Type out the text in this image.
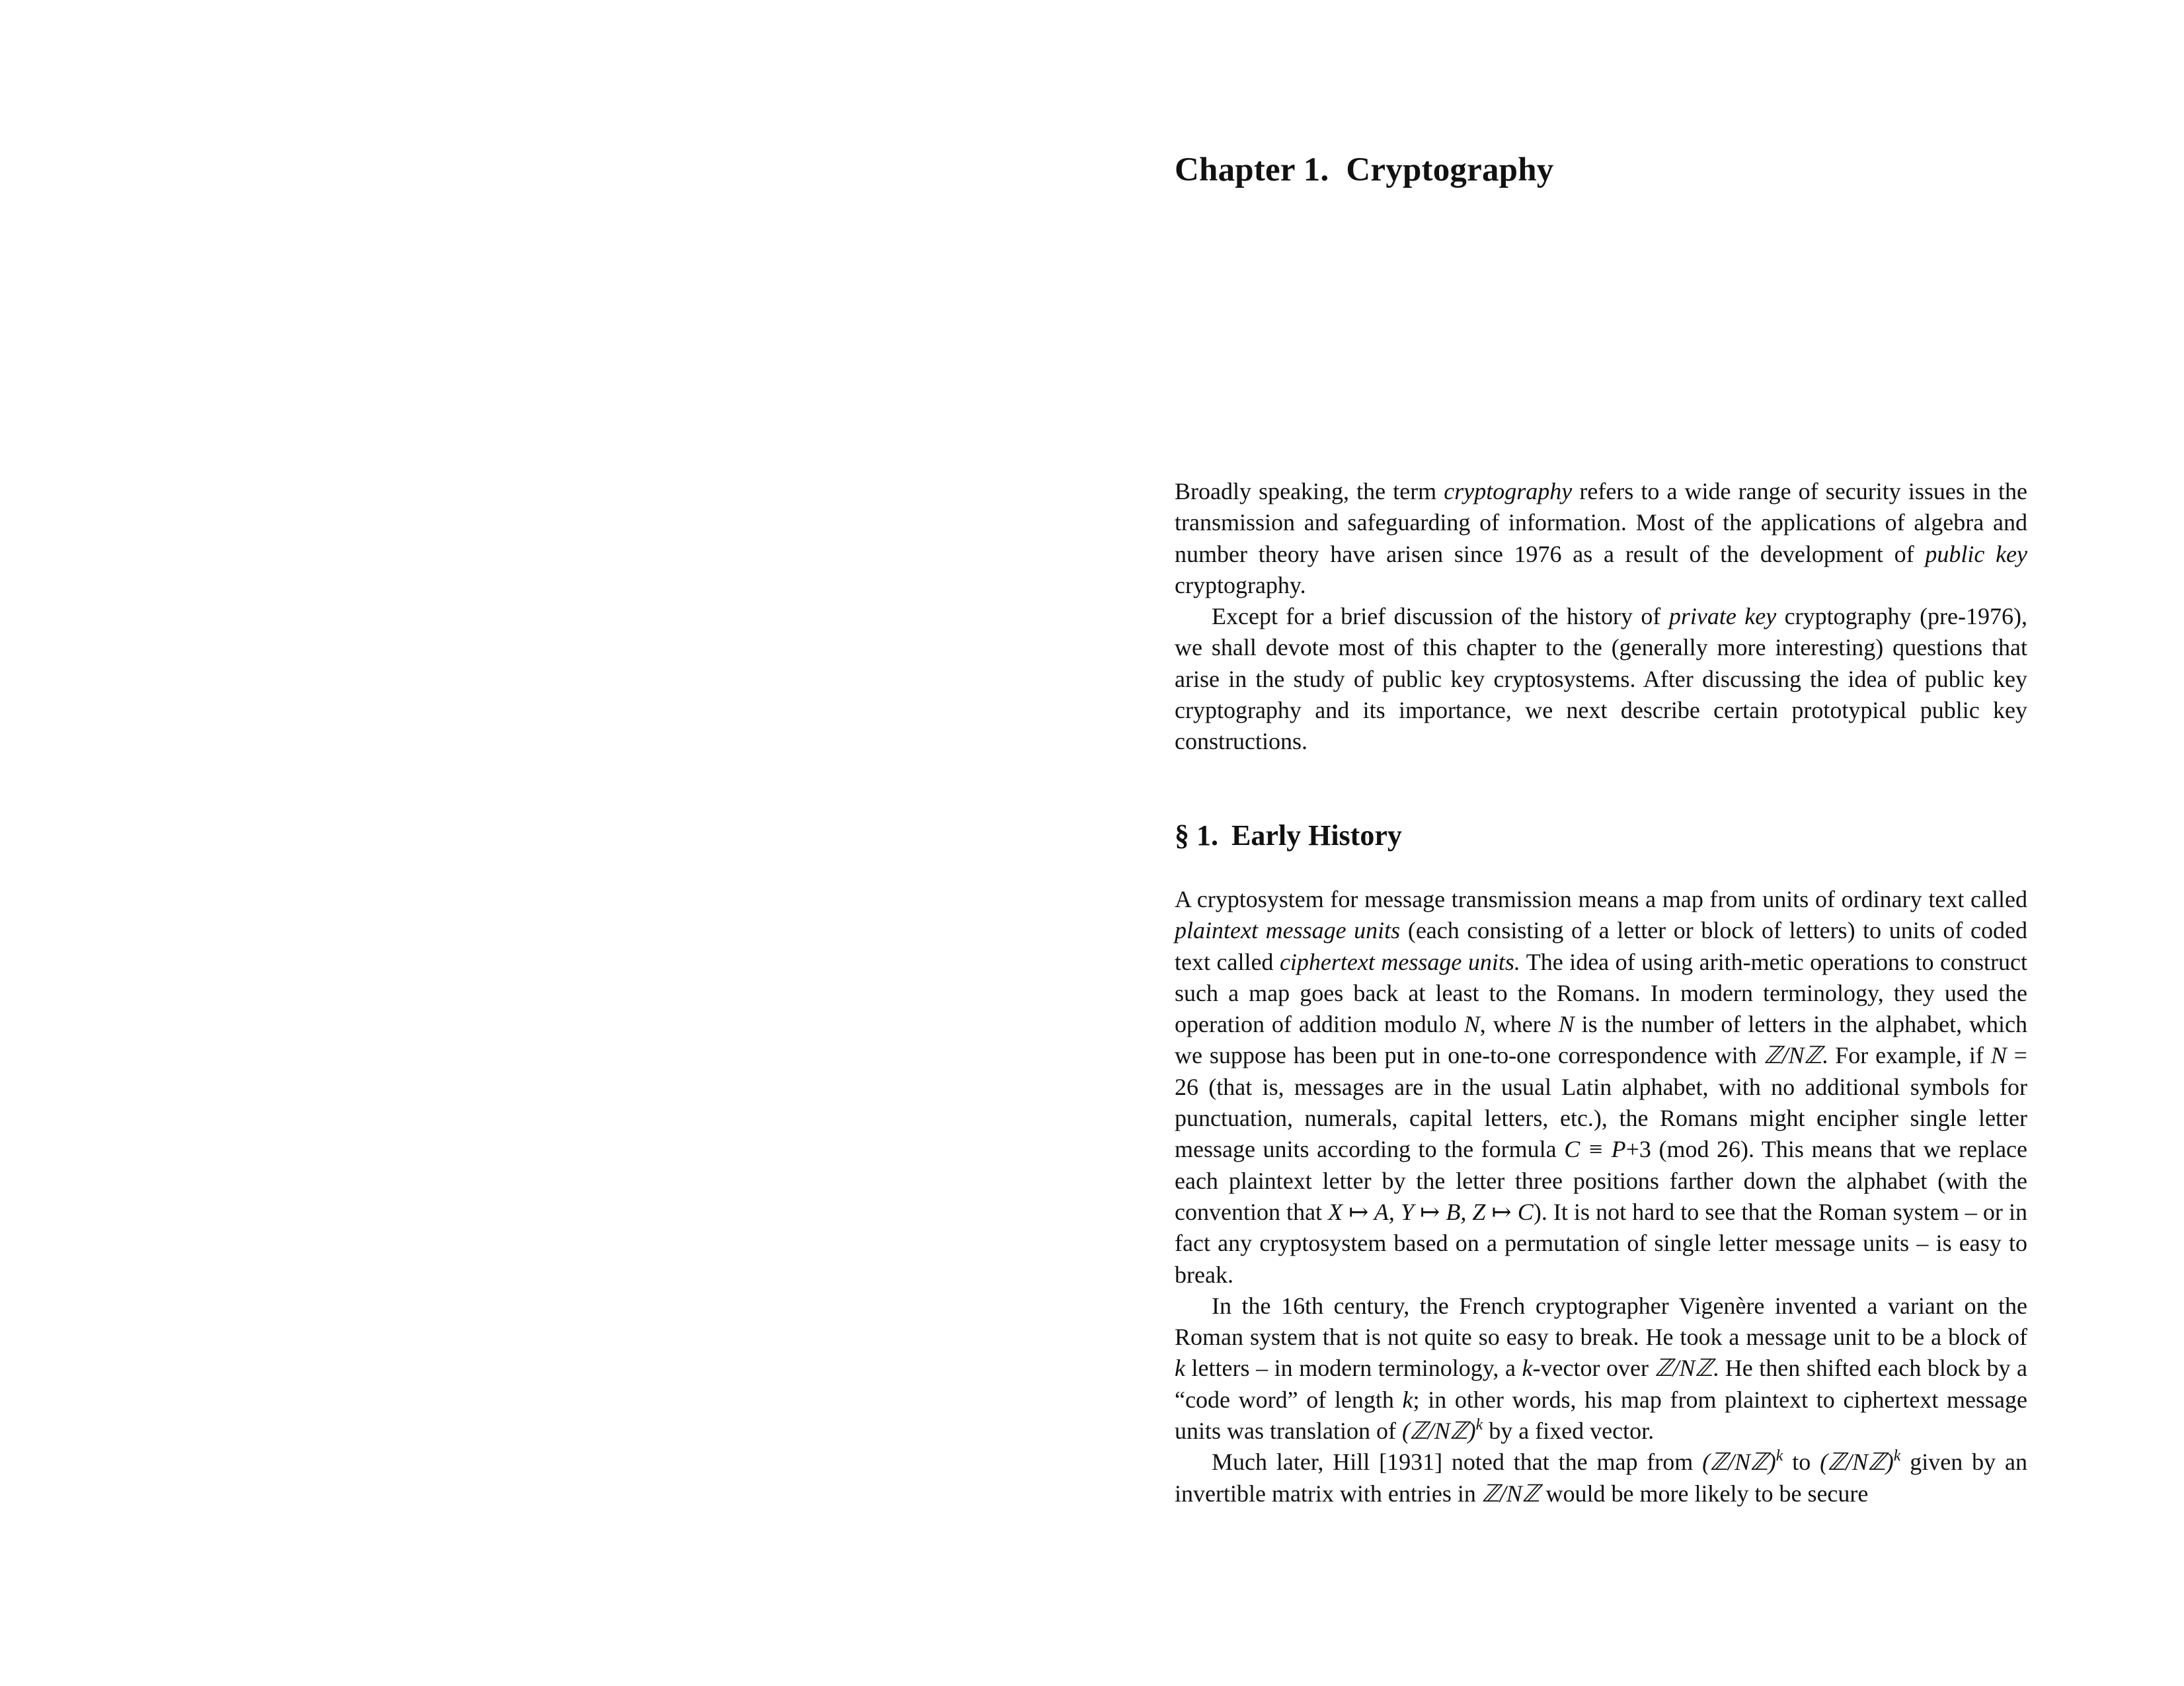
Chapter 1. Cryptography

Broadly speaking, the term cryptography refers to a wide range of security issues in the transmission and safeguarding of information. Most of the applications of algebra and number theory have arisen since 1976 as a result of the development of public key cryptography.

Except for a brief discussion of the history of private key cryptography (pre-1976), we shall devote most of this chapter to the (generally more interesting) questions that arise in the study of public key cryptosystems. After discussing the idea of public key cryptography and its importance, we next describe certain prototypical public key constructions.

§ 1. Early History

A cryptosystem for message transmission means a map from units of ordinary text called plaintext message units (each consisting of a letter or block of letters) to units of coded text called ciphertext message units. The idea of using arith-metic operations to construct such a map goes back at least to the Romans. In modern terminology, they used the operation of addition modulo N, where N is the number of letters in the alphabet, which we suppose has been put in one-to-one correspondence with ℤ/Nℤ. For example, if N = 26 (that is, messages are in the usual Latin alphabet, with no additional symbols for punctuation, numerals, capital letters, etc.), the Romans might encipher single letter message units according to the formula C ≡ P+3 (mod 26). This means that we replace each plaintext letter by the letter three positions farther down the alphabet (with the convention that X ↦ A, Y ↦ B, Z ↦ C). It is not hard to see that the Roman system – or in fact any cryptosystem based on a permutation of single letter message units – is easy to break.

In the 16th century, the French cryptographer Vigenère invented a variant on the Roman system that is not quite so easy to break. He took a message unit to be a block of k letters – in modern terminology, a k-vector over ℤ/Nℤ. He then shifted each block by a “code word” of length k; in other words, his map from plaintext to ciphertext message units was translation of (ℤ/Nℤ)$^k$ by a fixed vector.

Much later, Hill [1931] noted that the map from (ℤ/Nℤ)$^k$ to (ℤ/Nℤ)$^k$ given by an invertible matrix with entries in ℤ/Nℤ would be more likely to be secure
